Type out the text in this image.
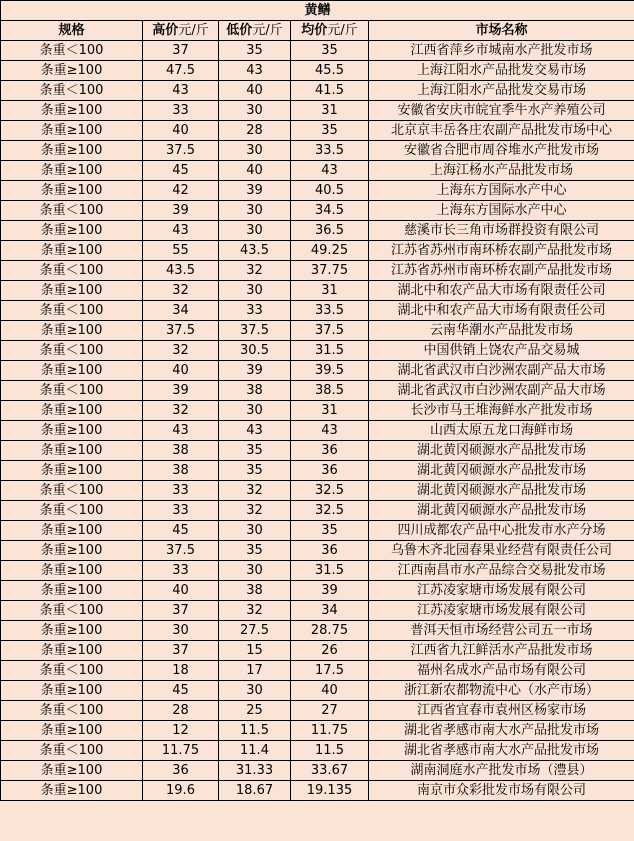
黄鳝				
规格	高价元/斤	低价元/斤	均价元/斤	市场名称
条重＜100	37	35	35	江西省萍乡市城南水产批发市场
条重≥100	47.5	43	45.5	上海江阳水产品批发交易市场
条重＜100	43	40	41.5	上海江阳水产品批发交易市场
条重≥100	33	30	31	安徽省安庆市皖宜季牛水产养殖公司
条重≥100	40	28	35	北京京丰岳各庄农副产品批发市场中心
条重≥100	37.5	30	33.5	安徽省合肥市周谷堆水产批发市场
条重≥100	45	40	43	上海江杨水产品批发市场
条重≥100	42	39	40.5	上海东方国际水产中心
条重＜100	39	30	34.5	上海东方国际水产中心
条重≥100	43	30	36.5	慈溪市长三角市场群投资有限公司
条重≥100	55	43.5	49.25	江苏省苏州市南环桥农副产品批发市场
条重＜100	43.5	32	37.75	江苏省苏州市南环桥农副产品批发市场
条重≥100	32	30	31	湖北中和农产品大市场有限责任公司
条重＜100	34	33	33.5	湖北中和农产品大市场有限责任公司
条重≥100	37.5	37.5	37.5	云南华潮水产品批发市场
条重＜100	32	30.5	31.5	中国供销上饶农产品交易城
条重≥100	40	39	39.5	湖北省武汉市白沙洲农副产品大市场
条重＜100	39	38	38.5	湖北省武汉市白沙洲农副产品大市场
条重≥100	32	30	31	长沙市马王堆海鲜水产批发市场
条重≥100	43	43	43	山西太原五龙口海鲜市场
条重≥100	38	35	36	湖北黄冈硕源水产品批发市场
条重≥100	38	35	36	湖北黄冈硕源水产品批发市场
条重＜100	33	32	32.5	湖北黄冈硕源水产品批发市场
条重＜100	33	32	32.5	湖北黄冈硕源水产品批发市场
条重≥100	45	30	35	四川成都农产品中心批发市水产分场
条重≥100	37.5	35	36	乌鲁木齐北园春果业经营有限责任公司
条重≥100	33	30	31.5	江西南昌市水产品综合交易批发市场
条重≥100	40	38	39	江苏凌家塘市场发展有限公司
条重＜100	37	32	34	江苏凌家塘市场发展有限公司
条重≥100	30	27.5	28.75	普洱天恒市场经营公司五一市场
条重≥100	37	15	26	江西省九江鲜活水产品批发市场
条重＜100	18	17	17.5	福州名成水产品市场有限公司
条重≥100	45	30	40	浙江新农都物流中心（水产市场）
条重＜100	28	25	27	江西省宜春市袁州区杨家市场
条重≥100	12	11.5	11.75	湖北省孝感市南大水产品批发市场
条重＜100	11.75	11.4	11.5	湖北省孝感市南大水产品批发市场
条重≥100	36	31.33	33.67	湖南洞庭水产批发市场（澧县）
条重≥100	19.6	18.67	19.135	南京市众彩批发市场有限公司
